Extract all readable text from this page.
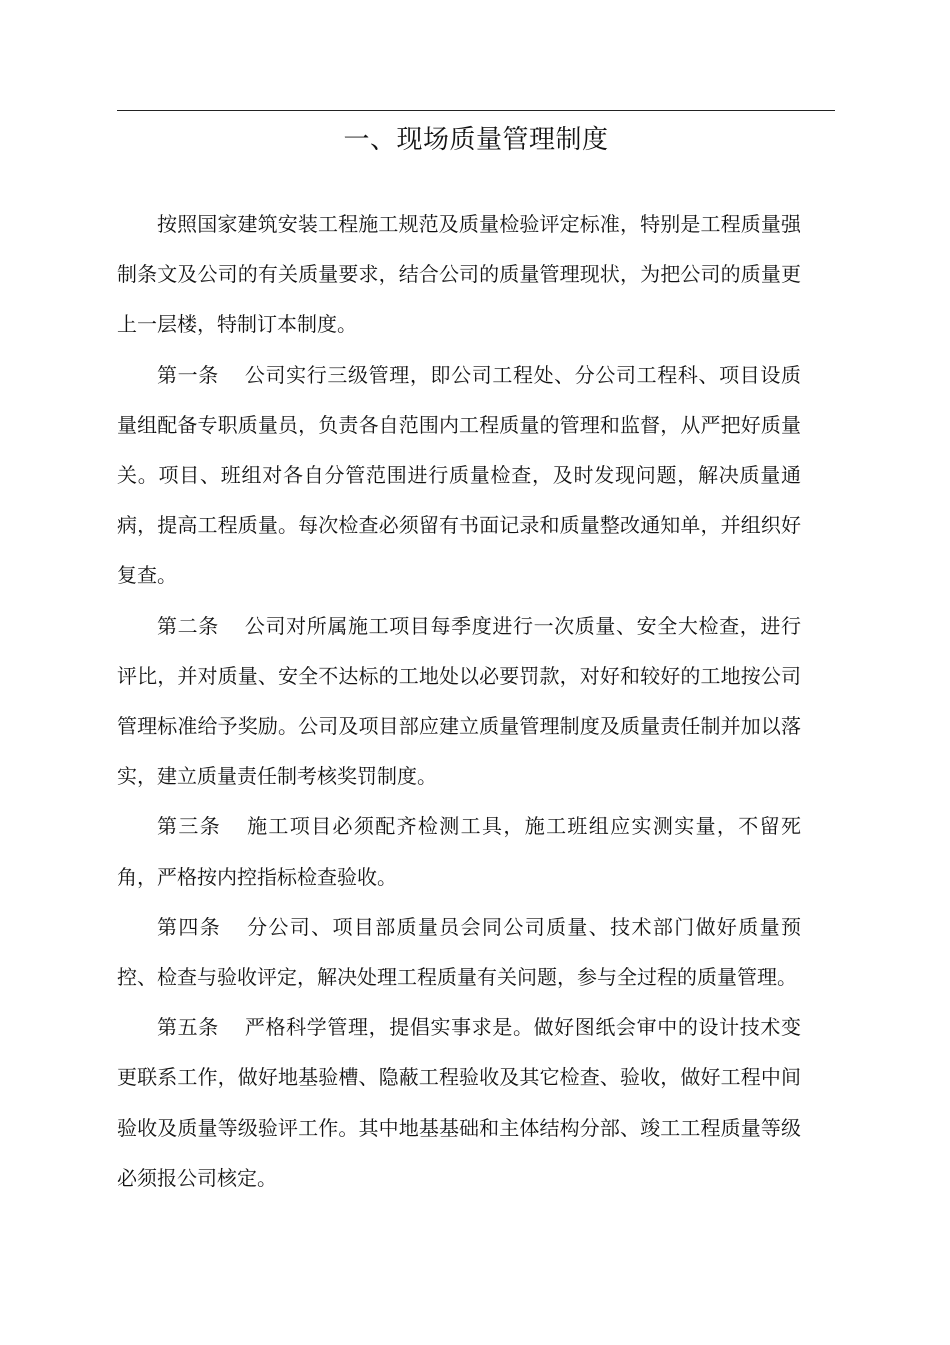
一、现场质量管理制度

按照国家建筑安装工程施工规范及质量检验评定标准，特别是工程质量强制条文及公司的有关质量要求，结合公司的质量管理现状，为把公司的质量更上一层楼，特制订本制度。

第一条 公司实行三级管理，即公司工程处、分公司工程科、项目设质量组配备专职质量员，负责各自范围内工程质量的管理和监督，从严把好质量关。项目、班组对各自分管范围进行质量检查，及时发现问题，解决质量通病，提高工程质量。每次检查必须留有书面记录和质量整改通知单，并组织好复查。

第二条 公司对所属施工项目每季度进行一次质量、安全大检查，进行评比，并对质量、安全不达标的工地处以必要罚款，对好和较好的工地按公司管理标准给予奖励。公司及项目部应建立质量管理制度及质量责任制并加以落实，建立质量责任制考核奖罚制度。

第三条 施工项目必须配齐检测工具，施工班组应实测实量，不留死角，严格按内控指标检查验收。

第四条 分公司、项目部质量员会同公司质量、技术部门做好质量预控、检查与验收评定，解决处理工程质量有关问题，参与全过程的质量管理。

第五条 严格科学管理，提倡实事求是。做好图纸会审中的设计技术变更联系工作，做好地基验槽、隐蔽工程验收及其它检查、验收，做好工程中间验收及质量等级验评工作。其中地基基础和主体结构分部、竣工工程质量等级必须报公司核定。
